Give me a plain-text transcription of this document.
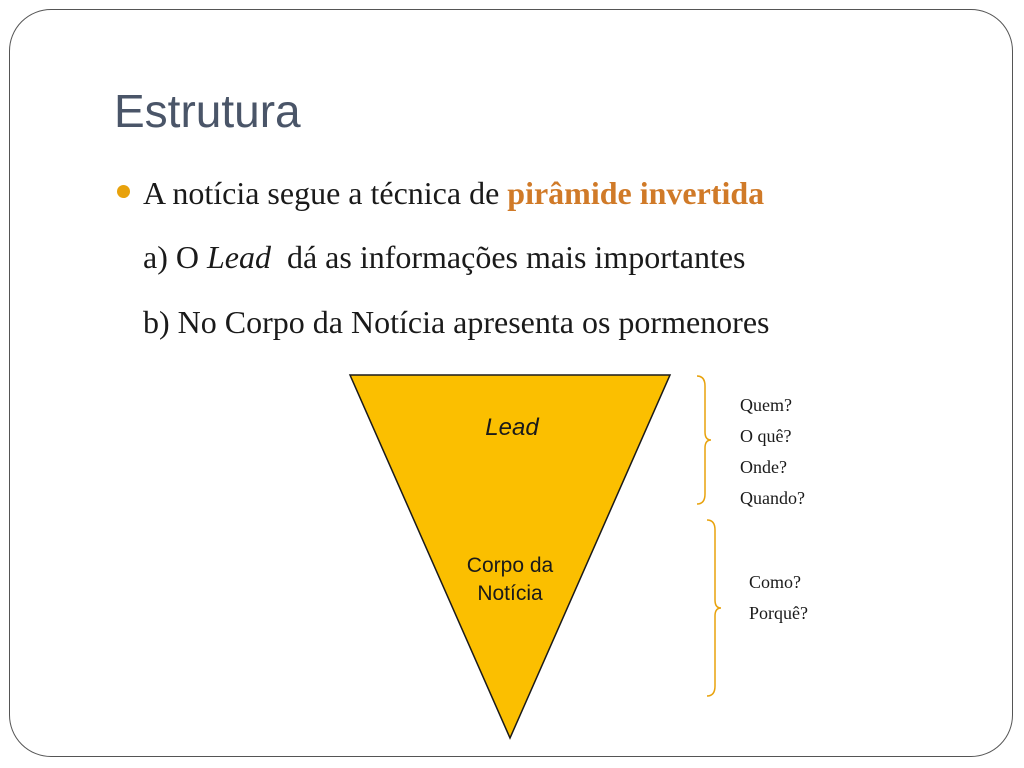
Estrutura
A notícia segue a técnica de pirâmide invertida
a) O Lead  dá as informações mais importantes
b) No Corpo da Notícia apresenta os pormenores
Lead
Corpo da
Notícia
Quem?
O quê?
Onde?
Quando?
Como?
Porquê?
